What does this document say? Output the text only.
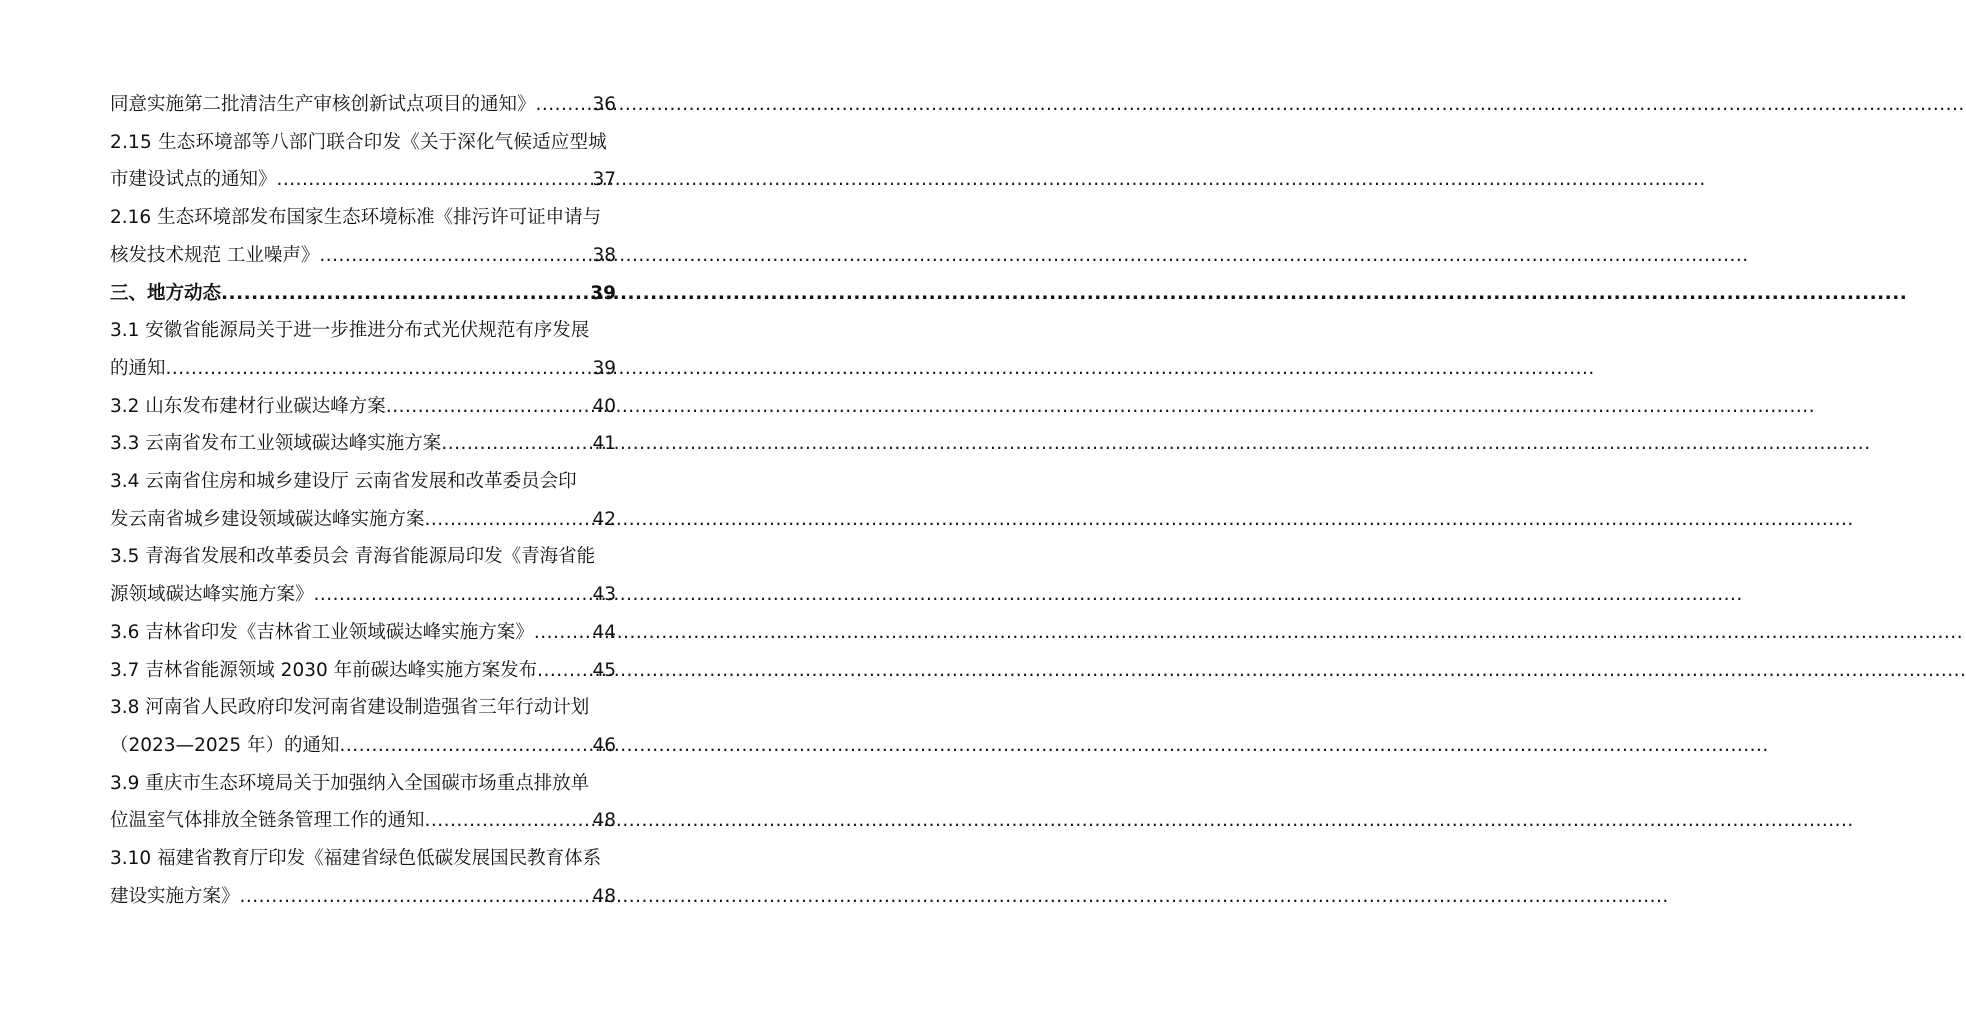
同意实施第二批清洁生产审核创新试点项目的通知》 .....	36
2.15 生态环境部等八部门联合印发《关于深化气候适应型城
市建设试点的通知》 .....	37
2.16 生态环境部发布国家生态环境标准《排污许可证申请与
核发技术规范 工业噪声》 .....	38
三、地方动态 .....	39
3.1 安徽省能源局关于进一步推进分布式光伏规范有序发展
的通知 .....	39
3.2 山东发布建材行业碳达峰方案 .....	40
3.3 云南省发布工业领域碳达峰实施方案 .....	41
3.4 云南省住房和城乡建设厅 云南省发展和改革委员会印
发云南省城乡建设领域碳达峰实施方案 .....	42
3.5 青海省发展和改革委员会 青海省能源局印发《青海省能
源领域碳达峰实施方案》 .....	43
3.6 吉林省印发《吉林省工业领域碳达峰实施方案》 .....	44
3.7 吉林省能源领域 2030 年前碳达峰实施方案发布 .....	45
3.8 河南省人民政府印发河南省建设制造强省三年行动计划
（2023—2025 年）的通知 .....	46
3.9 重庆市生态环境局关于加强纳入全国碳市场重点排放单
位温室气体排放全链条管理工作的通知 .....	48
3.10 福建省教育厅印发《福建省绿色低碳发展国民教育体系
建设实施方案》 .....	48
